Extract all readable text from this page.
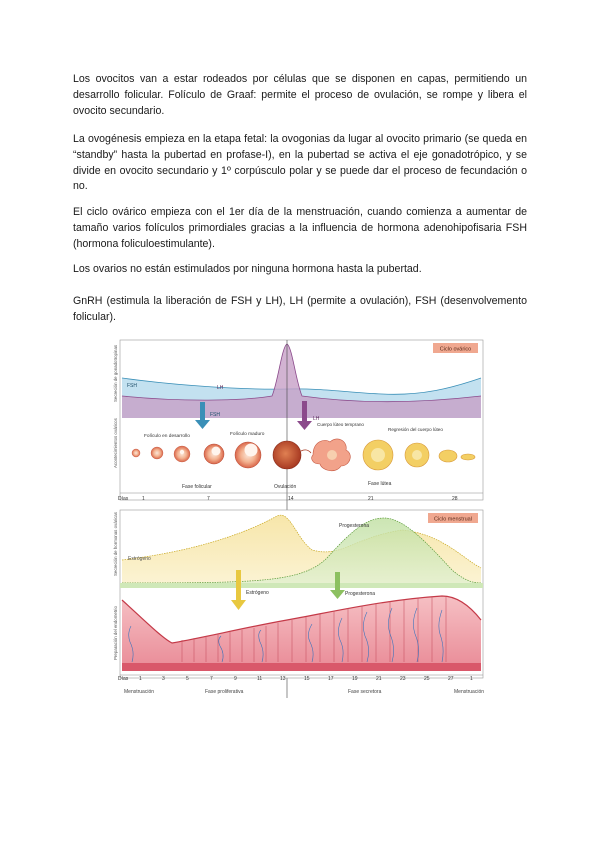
Los ovocitos van a estar rodeados por células que se disponen en capas, permitiendo un desarrollo folicular. Folículo de Graaf: permite el proceso de ovulación, se rompe y libera el ovocito secundario.

La ovogénesis empieza en la etapa fetal: la ovogonias da lugar al ovocito primario (se queda en “standby” hasta la pubertad en profase-I), en la pubertad se activa el eje gonadotrópico, y se divide en ovocito secundario y 1º corpúsculo polar y se puede dar el proceso de fecundación o no.

El ciclo ovárico empieza con el 1er día de la menstruación, cuando comienza a aumentar de tamaño varios folículos primordiales gracias a la influencia de hormona adenohipofisaria FSH (hormona foliculoestimulante).

Los ovarios no están estimulados por ninguna hormona hasta la pubertad.

GnRH (estimula la liberación de FSH y LH), LH (permite a ovulación), FSH (desenvolvemento folicular).

Ciclo ovárico
Secreción de gonadotropinas
Acontecimientos ováricos
FSH	LH
FSH
LH
Folículo en desarrollo	Folículo maduro
Cuerpo lúteo temprano
Regresión del cuerpo lúteo
Fase folicular	Ovulación	Fase lútea
Días	1	7	14	21	28
Ciclo menstrual
Secreción de hormonas ováricas
Preparación del endometrio
Estrógeno
Progesterona
Estrógeno	Progesterona
Días 1	3	5	7	9	11	13	15	17	19	21	23	25	27	1
Menstruación	Fase proliferativa	Fase secretora	Menstruación
